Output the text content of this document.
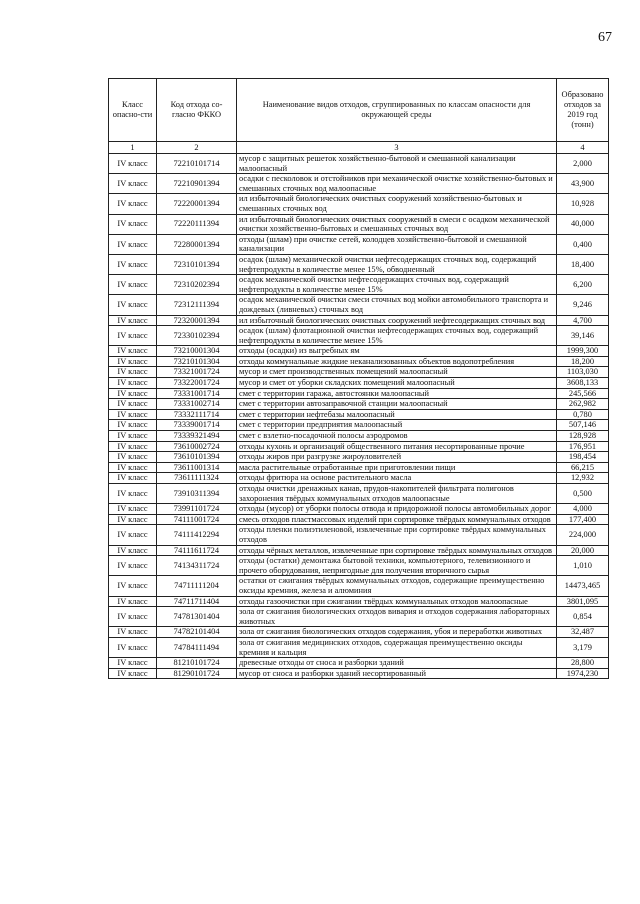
67
Класс опасно-сти	Код отхода со-гласно ФККО	Наименование видов отходов, сгруппированных по классам опасности для окружающей среды	Образовано отходов за 2019 год (тонн)
1	2	3	4
IV класс	72210101714	мусор с защитных решеток хозяйственно-бытовой и смешанной канализации малоопасный	2,000
IV класс	72210901394	осадки с песколовок и отстойников при механической очистке хозяйственно-бытовых и смешанных сточных вод малоопасные	43,900
IV класс	72220001394	ил избыточный биологических очистных сооружений хозяйственно-бытовых и смешанных сточных вод	10,928
IV класс	72220111394	ил избыточный биологических очистных сооружений в смеси с осадком механической очистки хозяйственно-бытовых и смешанных сточных вод	40,000
IV класс	72280001394	отходы (шлам) при очистке сетей, колодцев хозяйственно-бытовой и смешанной канализации	0,400
IV класс	72310101394	осадок (шлам) механической очистки нефтесодержащих сточных вод, содержащий нефтепродукты в количестве менее 15%, обводненный	18,400
IV класс	72310202394	осадок механической очистки нефтесодержащих сточных вод, содержащий нефтепродукты в количестве менее 15%	6,200
IV класс	72312111394	осадок механической очистки смеси сточных вод мойки автомобильного транспорта и дождевых (ливневых) сточных вод	9,246
IV класс	72320001394	ил избыточный биологических очистных сооружений нефтесодержащих сточных вод	4,700
IV класс	72330102394	осадок (шлам) флотационной очистки нефтесодержащих сточных вод, содержащий нефтепродукты в количестве менее 15%	39,146
IV класс	73210001304	отходы (осадки) из выгребных ям	1999,300
IV класс	73210101304	отходы коммунальные жидкие неканализованных объектов водопотребления	18,200
IV класс	73321001724	мусор и смет производственных помещений малоопасный	1103,030
IV класс	73322001724	мусор и смет от уборки складских помещений малоопасный	3608,133
IV класс	73331001714	смет с территории гаража, автостоянки малоопасный	245,566
IV класс	73331002714	смет с территории автозаправочной станции малоопасный	262,982
IV класс	73332111714	смет с территории нефтебазы малоопасный	0,780
IV класс	73339001714	смет с территории предприятия малоопасный	507,146
IV класс	73339321494	смет с взлетно-посадочной полосы аэродромов	128,928
IV класс	73610002724	отходы кухонь и организаций общественного питания несортированные прочие	176,951
IV класс	73610101394	отходы жиров при разгрузке жироуловителей	198,454
IV класс	73611001314	масла растительные отработанные при приготовлении пищи	66,215
IV класс	73611111324	отходы фритюра на основе растительного масла	12,932
IV класс	73910311394	отходы очистки дренажных канав, прудов-накопителей фильтрата полигонов захоронения твёрдых коммунальных отходов малоопасные	0,500
IV класс	73991101724	отходы (мусор) от уборки полосы отвода и придорожной полосы автомобильных дорог	4,000
IV класс	74111001724	смесь отходов пластмассовых изделий при сортировке твёрдых коммунальных отходов	177,400
IV класс	74111412294	отходы пленки полиэтиленовой, извлеченные при сортировке твёрдых коммунальных отходов	224,000
IV класс	74111611724	отходы чёрных металлов, извлеченные при сортировке твёрдых коммунальных отходов	20,000
IV класс	74134311724	отходы (остатки) демонтажа бытовой техники, компьютерного, телевизионного и прочего оборудования, непригодные для получения вторичного сырья	1,010
IV класс	74711111204	остатки от сжигания твёрдых коммунальных отходов, содержащие преимущественно оксиды кремния, железа и алюминия	14473,465
IV класс	74711711404	отходы газоочистки при сжигании твёрдых коммунальных отходов малоопасные	3801,095
IV класс	74781301404	зола от сжигания биологических отходов вивария и отходов содержания лабораторных животных	0,854
IV класс	74782101404	зола от сжигания биологических отходов содержания, убоя и переработки животных	32,487
IV класс	74784111494	зола от сжигания медицинских отходов, содержащая преимущественно оксиды кремния и кальция	3,179
IV класс	81210101724	древесные отходы от сноса и разборки зданий	28,800
IV класс	81290101724	мусор от сноса и разборки зданий несортированный	1974,230
